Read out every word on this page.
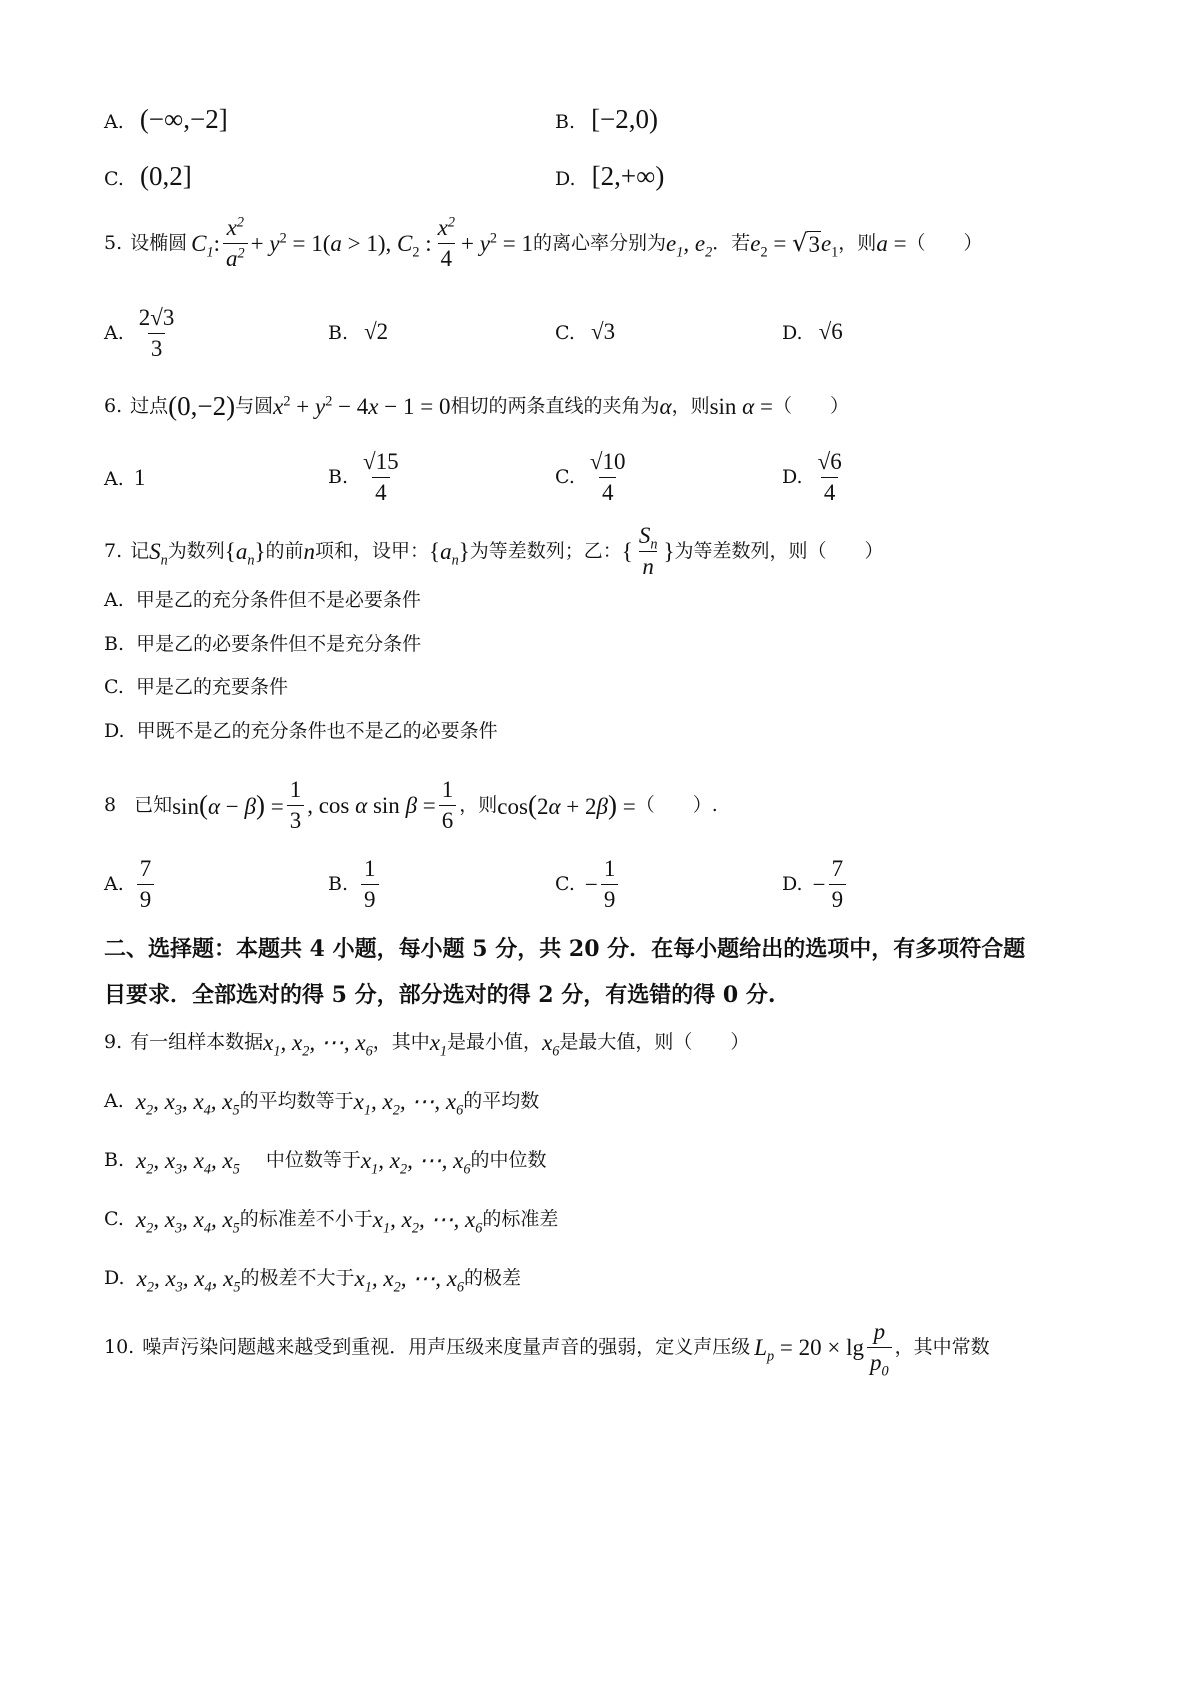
A. (−∞,−2]	B. [−2,0)
C. (0,2]	D. [2,+∞)
5. 设椭圆 $C_1$ : $\frac{x^2}{a^2} + y^2 = 1(a > 1)$, $C_2$ : $\frac{x^2}{4} + y^2 = 1$ 的离心率分别为 $e_1$, $e_2$ ．若 $e_2$ = √ 3 $e_1$ ，则 a = （　　）
A. $\frac{2√3}{3}$	B. √2	C. √3	D. √6
6. 过点 (0,−2) 与圆 $x^2 + y^2 - 4x - 1 = 0$ 相切的两条直线的夹角为 α ，则 sin α = （　　）
A. 1	B. $\frac{√15}{4}$	C. $\frac{√10}{4}$	D. $\frac{√6}{4}$
7. 记 $S_n$ 为数列 $\{a_n\}$ 的前 n 项和，设甲： $\{a_n\}$ 为等差数列；乙： { $\frac{S_n}{n}$ } 为等差数列，则 （　　）
A. 甲是乙的充分条件但不是必要条件
B. 甲是乙的必要条件但不是充分条件
C. 甲是乙的充要条件
D. 甲既不是乙的充分条件也不是乙的必要条件
8 已知 $\sin(\alpha - \beta) = \frac{1}{3}$ , cos α $\sin \beta = \frac{1}{6}$ ，则 cos(2α + 2β) = （　　）.
A. $\frac{7}{9}$	B. $\frac{1}{9}$	C. − $\frac{1}{9}$	D. − $\frac{7}{9}$
二、选择题：本题共 4 小题，每小题 5 分，共 20 分．在每小题给出的选项中，有多项符合题
目要求．全部选对的得 5 分，部分选对的得 2 分，有选错的得 0 分.
9. 有一组样本数据 $x_1$, $x_2$, ⋯, $x_6$ ，其中 $x_1$ 是最小值， $x_6$ 是最大值，则 （　　）
A. $x_2$, $x_3$, $x_4$, $x_5$ 的平均数等于 $x_1$, $x_2$, ⋯, $x_6$ 的平均数
B. $x_2$, $x_3$, $x_4$, $x_5$ 中位数等于 $x_1$, $x_2$, ⋯, $x_6$ 的中位数
C. $x_2$, $x_3$, $x_4$, $x_5$ 的标准差不小于 $x_1$, $x_2$, ⋯, $x_6$ 的标准差
D. $x_2$, $x_3$, $x_4$, $x_5$ 的极差不大于 $x_1$, $x_2$, ⋯, $x_6$ 的极差
10. 噪声污染问题越来越受到重视．用声压级来度量声音的强弱，定义声压级 $L_p = 20 \times \lg \frac{p}{p_0}$ ，其中常数
